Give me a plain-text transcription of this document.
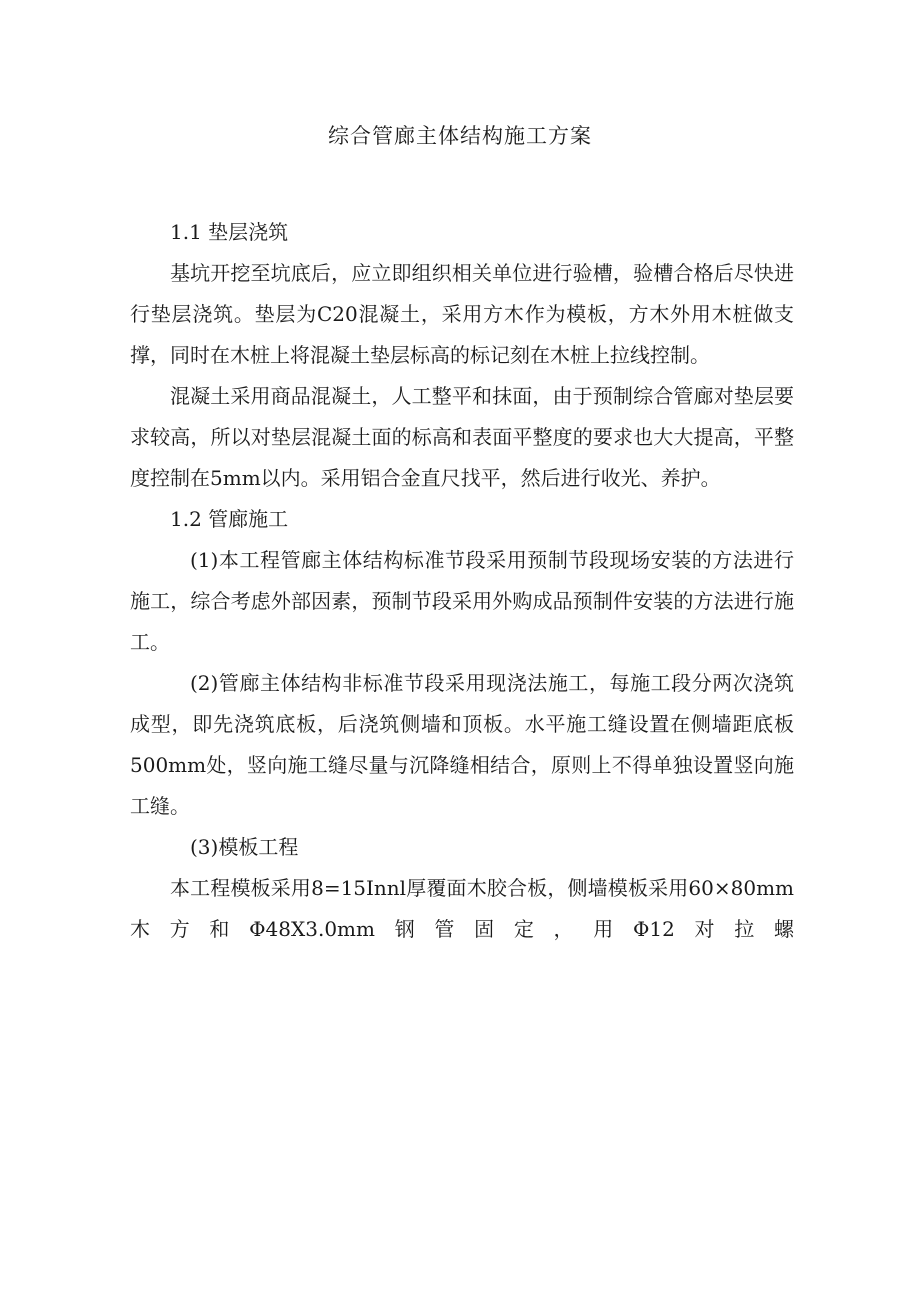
综合管廊主体结构施工方案

1.1 垫层浇筑

基坑开挖至坑底后，应立即组织相关单位进行验槽，验槽合格后尽快进行垫层浇筑。垫层为C20混凝土，采用方木作为模板，方木外用木桩做支撑，同时在木桩上将混凝土垫层标高的标记刻在木桩上拉线控制。

混凝土采用商品混凝土，人工整平和抹面，由于预制综合管廊对垫层要求较高，所以对垫层混凝土面的标高和表面平整度的要求也大大提高，平整度控制在5mm以内。采用铝合金直尺找平，然后进行收光、养护。

1.2 管廊施工

(1)本工程管廊主体结构标准节段采用预制节段现场安装的方法进行施工，综合考虑外部因素，预制节段采用外购成品预制件安装的方法进行施工。

(2)管廊主体结构非标准节段采用现浇法施工，每施工段分两次浇筑成型，即先浇筑底板，后浇筑侧墙和顶板。水平施工缝设置在侧墙距底板500mm处，竖向施工缝尽量与沉降缝相结合，原则上不得单独设置竖向施工缝。

(3)模板工程

本工程模板采用8=15Innl厚覆面木胶合板，侧墙模板采用60×80mm木方和Φ48X3.0mm钢管固定，用Φ12对拉螺
